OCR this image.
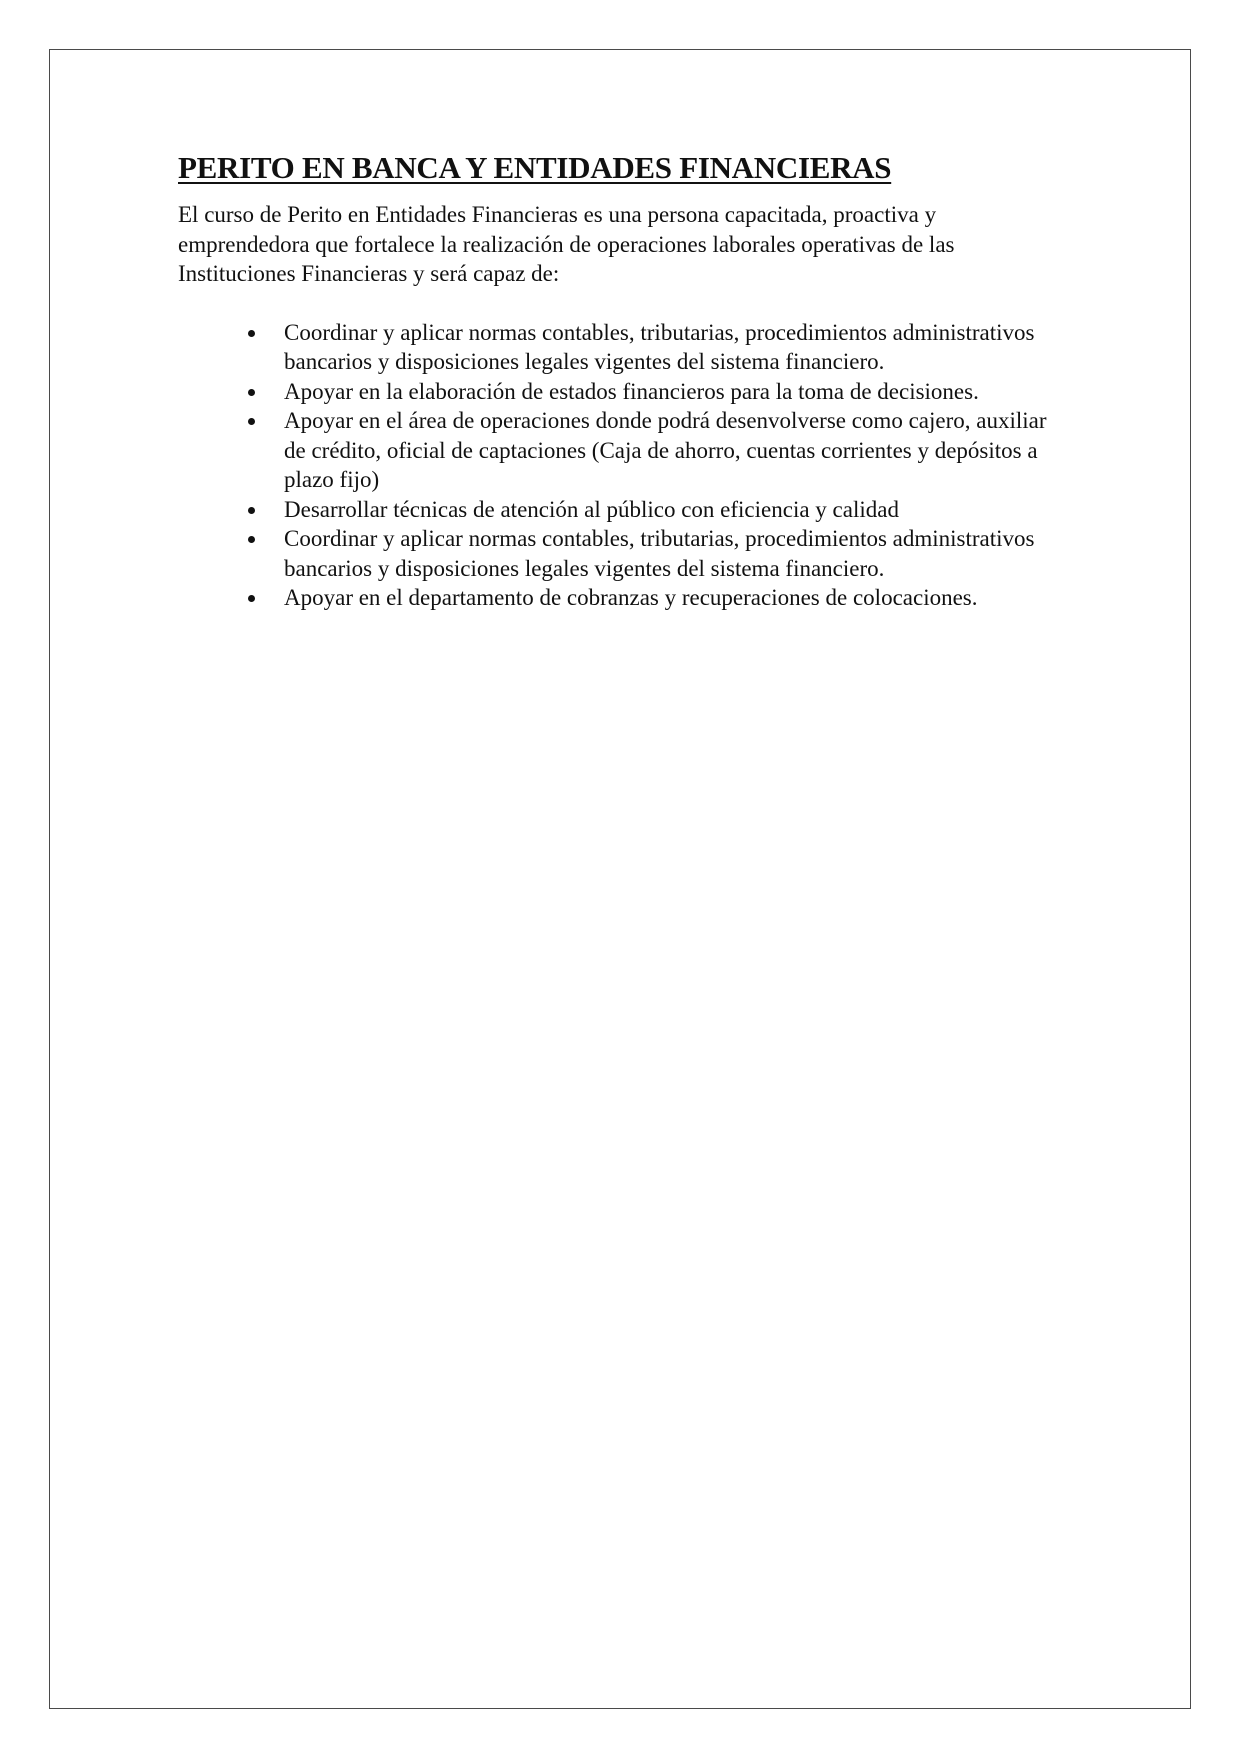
PERITO EN BANCA Y ENTIDADES FINANCIERAS

El curso de Perito en Entidades Financieras es una persona capacitada, proactiva y emprendedora que fortalece la realización de operaciones laborales operativas de las Instituciones Financieras y será capaz de:

Coordinar y aplicar normas contables, tributarias, procedimientos administrativos bancarios y disposiciones legales vigentes del sistema financiero.
Apoyar en la elaboración de estados financieros para la toma de decisiones.
Apoyar en el área de operaciones donde podrá desenvolverse como cajero, auxiliar de crédito, oficial de captaciones (Caja de ahorro, cuentas corrientes y depósitos a plazo fijo)
Desarrollar técnicas de atención al público con eficiencia y calidad
Coordinar y aplicar normas contables, tributarias, procedimientos administrativos bancarios y disposiciones legales vigentes del sistema financiero.
Apoyar en el departamento de cobranzas y recuperaciones de colocaciones.
